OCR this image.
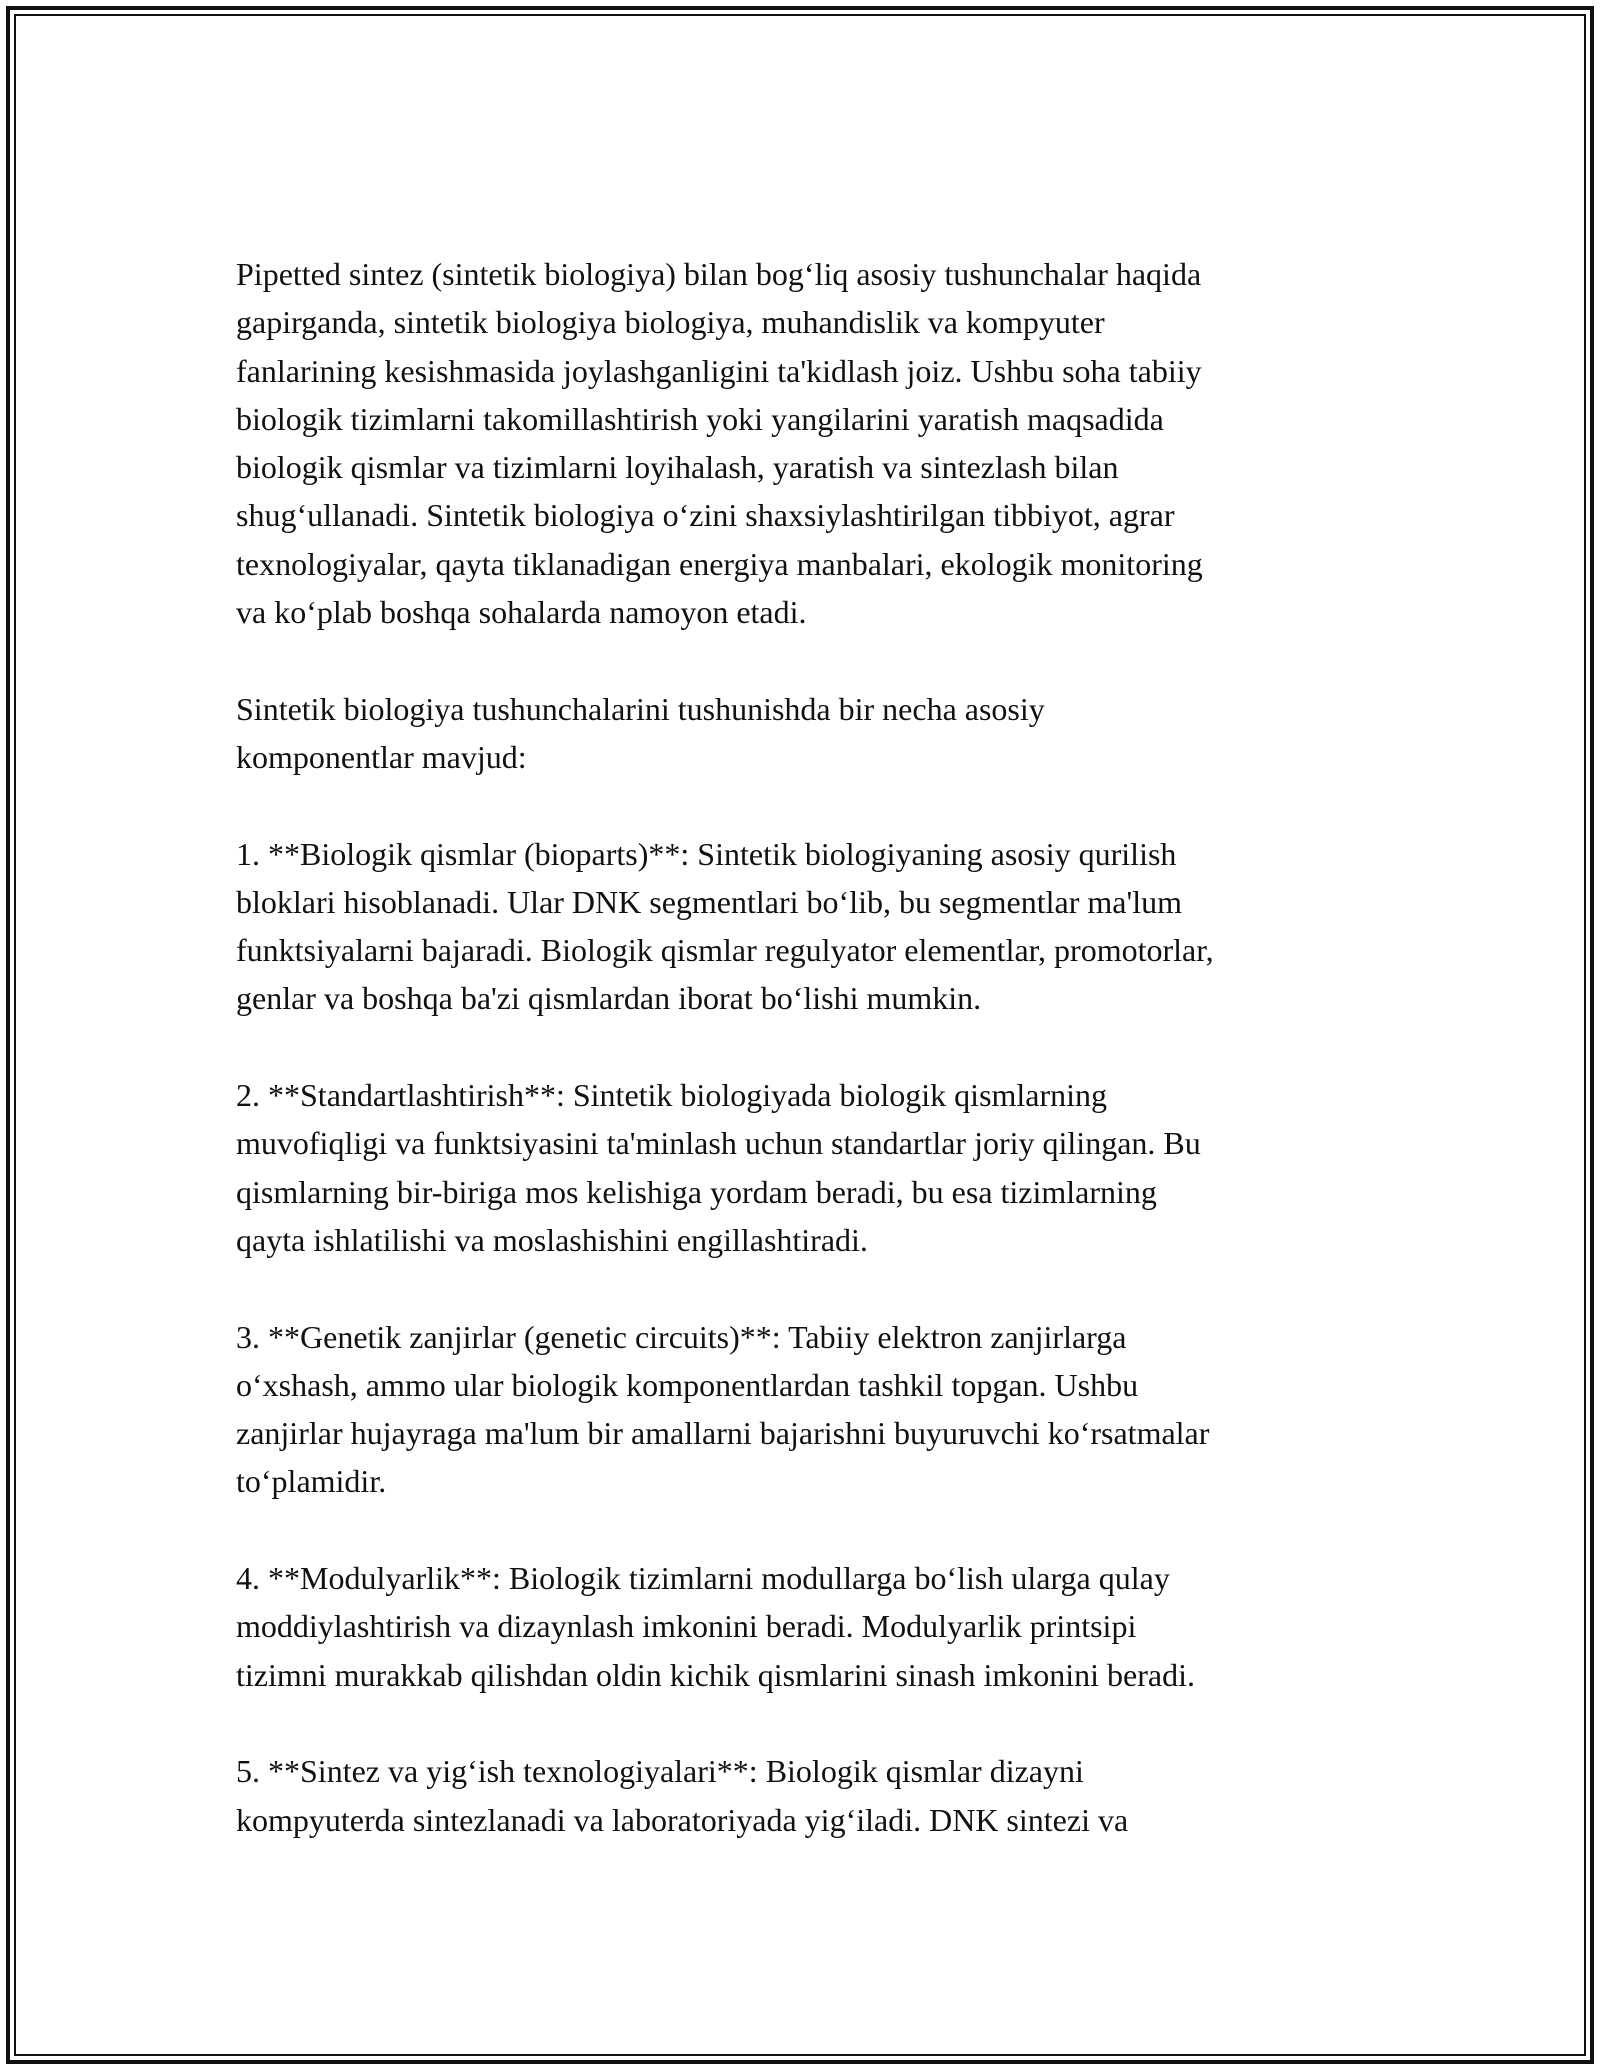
Pipetted sintez (sintetik biologiya) bilan bog‘liq asosiy tushunchalar haqida
gapirganda, sintetik biologiya biologiya, muhandislik va kompyuter
fanlarining kesishmasida joylashganligini ta'kidlash joiz. Ushbu soha tabiiy
biologik tizimlarni takomillashtirish yoki yangilarini yaratish maqsadida
biologik qismlar va tizimlarni loyihalash, yaratish va sintezlash bilan
shug‘ullanadi. Sintetik biologiya o‘zini shaxsiylashtirilgan tibbiyot, agrar
texnologiyalar, qayta tiklanadigan energiya manbalari, ekologik monitoring
va ko‘plab boshqa sohalarda namoyon etadi.

Sintetik biologiya tushunchalarini tushunishda bir necha asosiy
komponentlar mavjud:

1. **Biologik qismlar (bioparts)**: Sintetik biologiyaning asosiy qurilish
bloklari hisoblanadi. Ular DNK segmentlari bo‘lib, bu segmentlar ma'lum
funktsiyalarni bajaradi. Biologik qismlar regulyator elementlar, promotorlar,
genlar va boshqa ba'zi qismlardan iborat bo‘lishi mumkin.

2. **Standartlashtirish**: Sintetik biologiyada biologik qismlarning
muvofiqligi va funktsiyasini ta'minlash uchun standartlar joriy qilingan. Bu
qismlarning bir-biriga mos kelishiga yordam beradi, bu esa tizimlarning
qayta ishlatilishi va moslashishini engillashtiradi.

3. **Genetik zanjirlar (genetic circuits)**: Tabiiy elektron zanjirlarga
o‘xshash, ammo ular biologik komponentlardan tashkil topgan. Ushbu
zanjirlar hujayraga ma'lum bir amallarni bajarishni buyuruvchi ko‘rsatmalar
to‘plamidir.

4. **Modulyarlik**: Biologik tizimlarni modullarga bo‘lish ularga qulay
moddiylashtirish va dizaynlash imkonini beradi. Modulyarlik printsipi
tizimni murakkab qilishdan oldin kichik qismlarini sinash imkonini beradi.

5. **Sintez va yig‘ish texnologiyalari**: Biologik qismlar dizayni
kompyuterda sintezlanadi va laboratoriyada yig‘iladi. DNK sintezi va
